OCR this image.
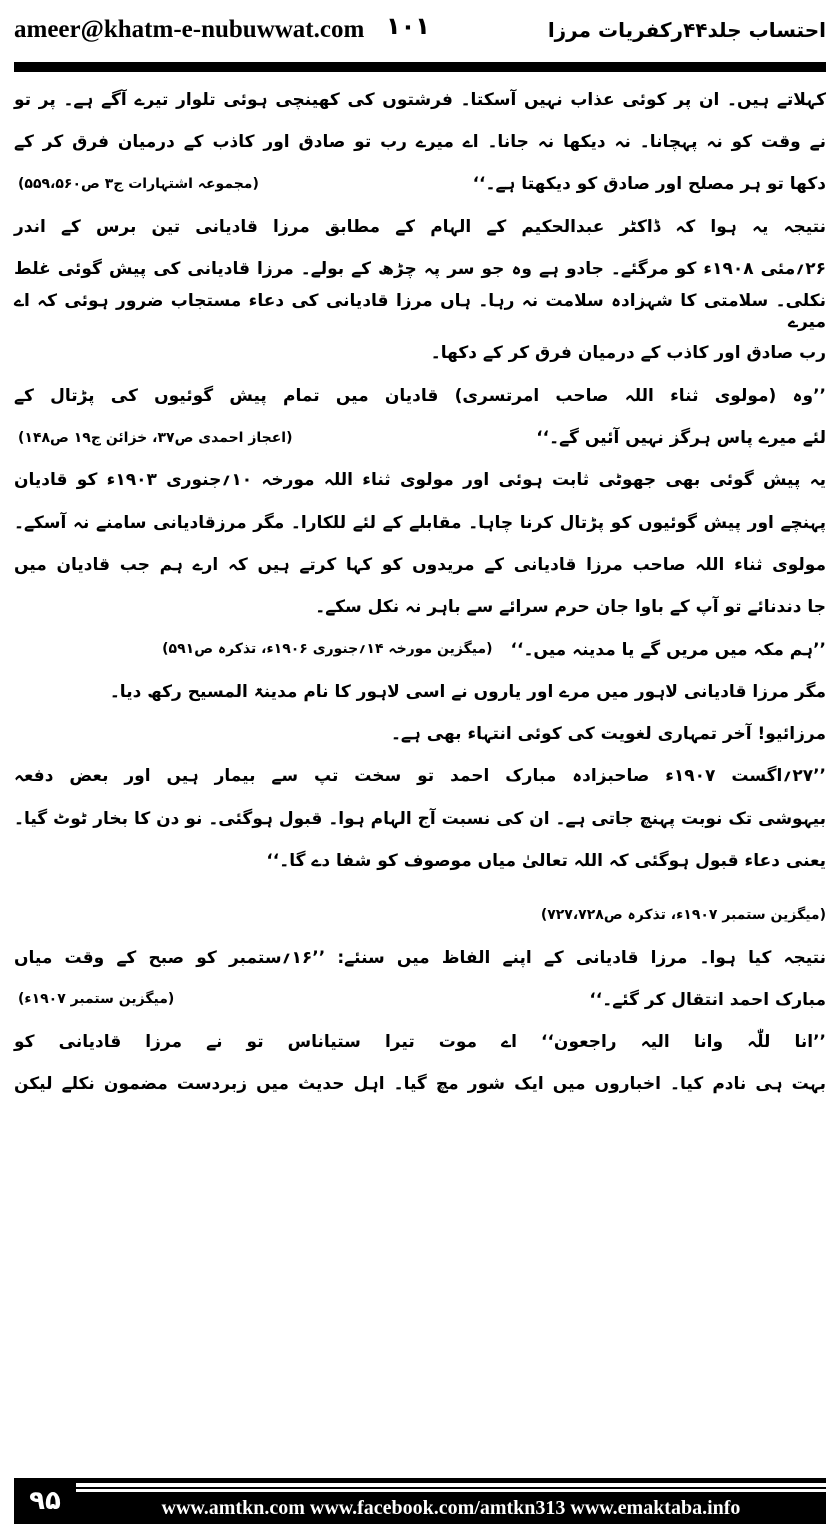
ameer@khatm-e-nubuwwat.com ۱۰۱	احتساب جلد۴۴رکفریات مرزا
کہلاتے ہیں۔ ان پر کوئی عذاب نہیں آسکتا۔ فرشتوں کی کھینچی ہوئی تلوار تیرے آگے ہے۔ پر تو
نے وقت کو نہ پہچانا۔ نہ دیکھا نہ جانا۔ اے میرے رب تو صادق اور کاذب کے درمیان فرق کر کے
دکھا تو ہر مصلح اور صادق کو دیکھتا ہے۔‘‘
(مجموعہ اشتہارات ج۳ ص۵۵۹،۵۶۰)
نتیجہ یہ ہوا کہ ڈاکٹر عبدالحکیم کے الہام کے مطابق مرزا قادیانی تین برس کے اندر
۲۶؍مئی ۱۹۰۸ء کو مرگئے۔ جادو ہے وہ جو سر پہ چڑھ کے بولے۔ مرزا قادیانی کی پیش گوئی غلط
نکلی۔ سلامتی کا شہزادہ سلامت نہ رہا۔ ہاں مرزا قادیانی کی دعاء مستجاب ضرور ہوئی کہ اے میرے
رب صادق اور کاذب کے درمیان فرق کر کے دکھا۔
’’وہ (مولوی ثناء اللہ صاحب امرتسری) قادیان میں تمام پیش گوئیوں کی پڑتال کے
لئے میرے پاس ہرگز نہیں آئیں گے۔‘‘
(اعجاز احمدی ص۳۷، خزائن ج۱۹ ص۱۴۸)
یہ پیش گوئی بھی جھوٹی ثابت ہوئی اور مولوی ثناء اللہ مورخہ ۱۰؍جنوری ۱۹۰۳ء کو قادیان
پہنچے اور پیش گوئیوں کو پڑتال کرنا چاہا۔ مقابلے کے لئے للکارا۔ مگر مرزقادیانی سامنے نہ آسکے۔
مولوی ثناء اللہ صاحب مرزا قادیانی کے مریدوں کو کہا کرتے ہیں کہ ارے ہم جب قادیان میں
جا دندنائے تو آپ کے باوا جان حرم سرائے سے باہر نہ نکل سکے۔
’’ہم مکہ میں مریں گے یا مدینہ میں۔‘‘
(میگزین مورخہ ۱۴؍جنوری ۱۹۰۶ء، تذکرہ ص۵۹۱)
مگر مرزا قادیانی لاہور میں مرے اور یاروں نے اسی لاہور کا نام مدینۃ المسیح رکھ دیا۔
مرزائیو! آخر تمہاری لغویت کی کوئی انتہاء بھی ہے۔
’’۲۷؍اگست ۱۹۰۷ء صاحبزادہ مبارک احمد تو سخت تپ سے بیمار ہیں اور بعض دفعہ
بیہوشی تک نوبت پہنچ جاتی ہے۔ ان کی نسبت آج الہام ہوا۔ قبول ہوگئی۔ نو دن کا بخار ٹوٹ گیا۔
یعنی دعاء قبول ہوگئی کہ اللہ تعالیٰ میاں موصوف کو شفا دے گا۔‘‘
(میگزین ستمبر ۱۹۰۷ء، تذکرہ ص۷۲۷،۷۲۸)
نتیجہ کیا ہوا۔ مرزا قادیانی کے اپنے الفاظ میں سنئے: ’’۱۶؍ستمبر کو صبح کے وقت میاں
مبارک احمد انتقال کر گئے۔‘‘
(میگزین ستمبر ۱۹۰۷ء)
’’انا للّٰہ وانا الیہ راجعون‘‘ اے موت تیرا ستیاناس تو نے مرزا قادیانی کو
بہت ہی نادم کیا۔ اخباروں میں ایک شور مچ گیا۔ اہل حدیث میں زبردست مضمون نکلے لیکن
۹۵	www.amtkn.com www.facebook.com/amtkn313 www.emaktaba.info
